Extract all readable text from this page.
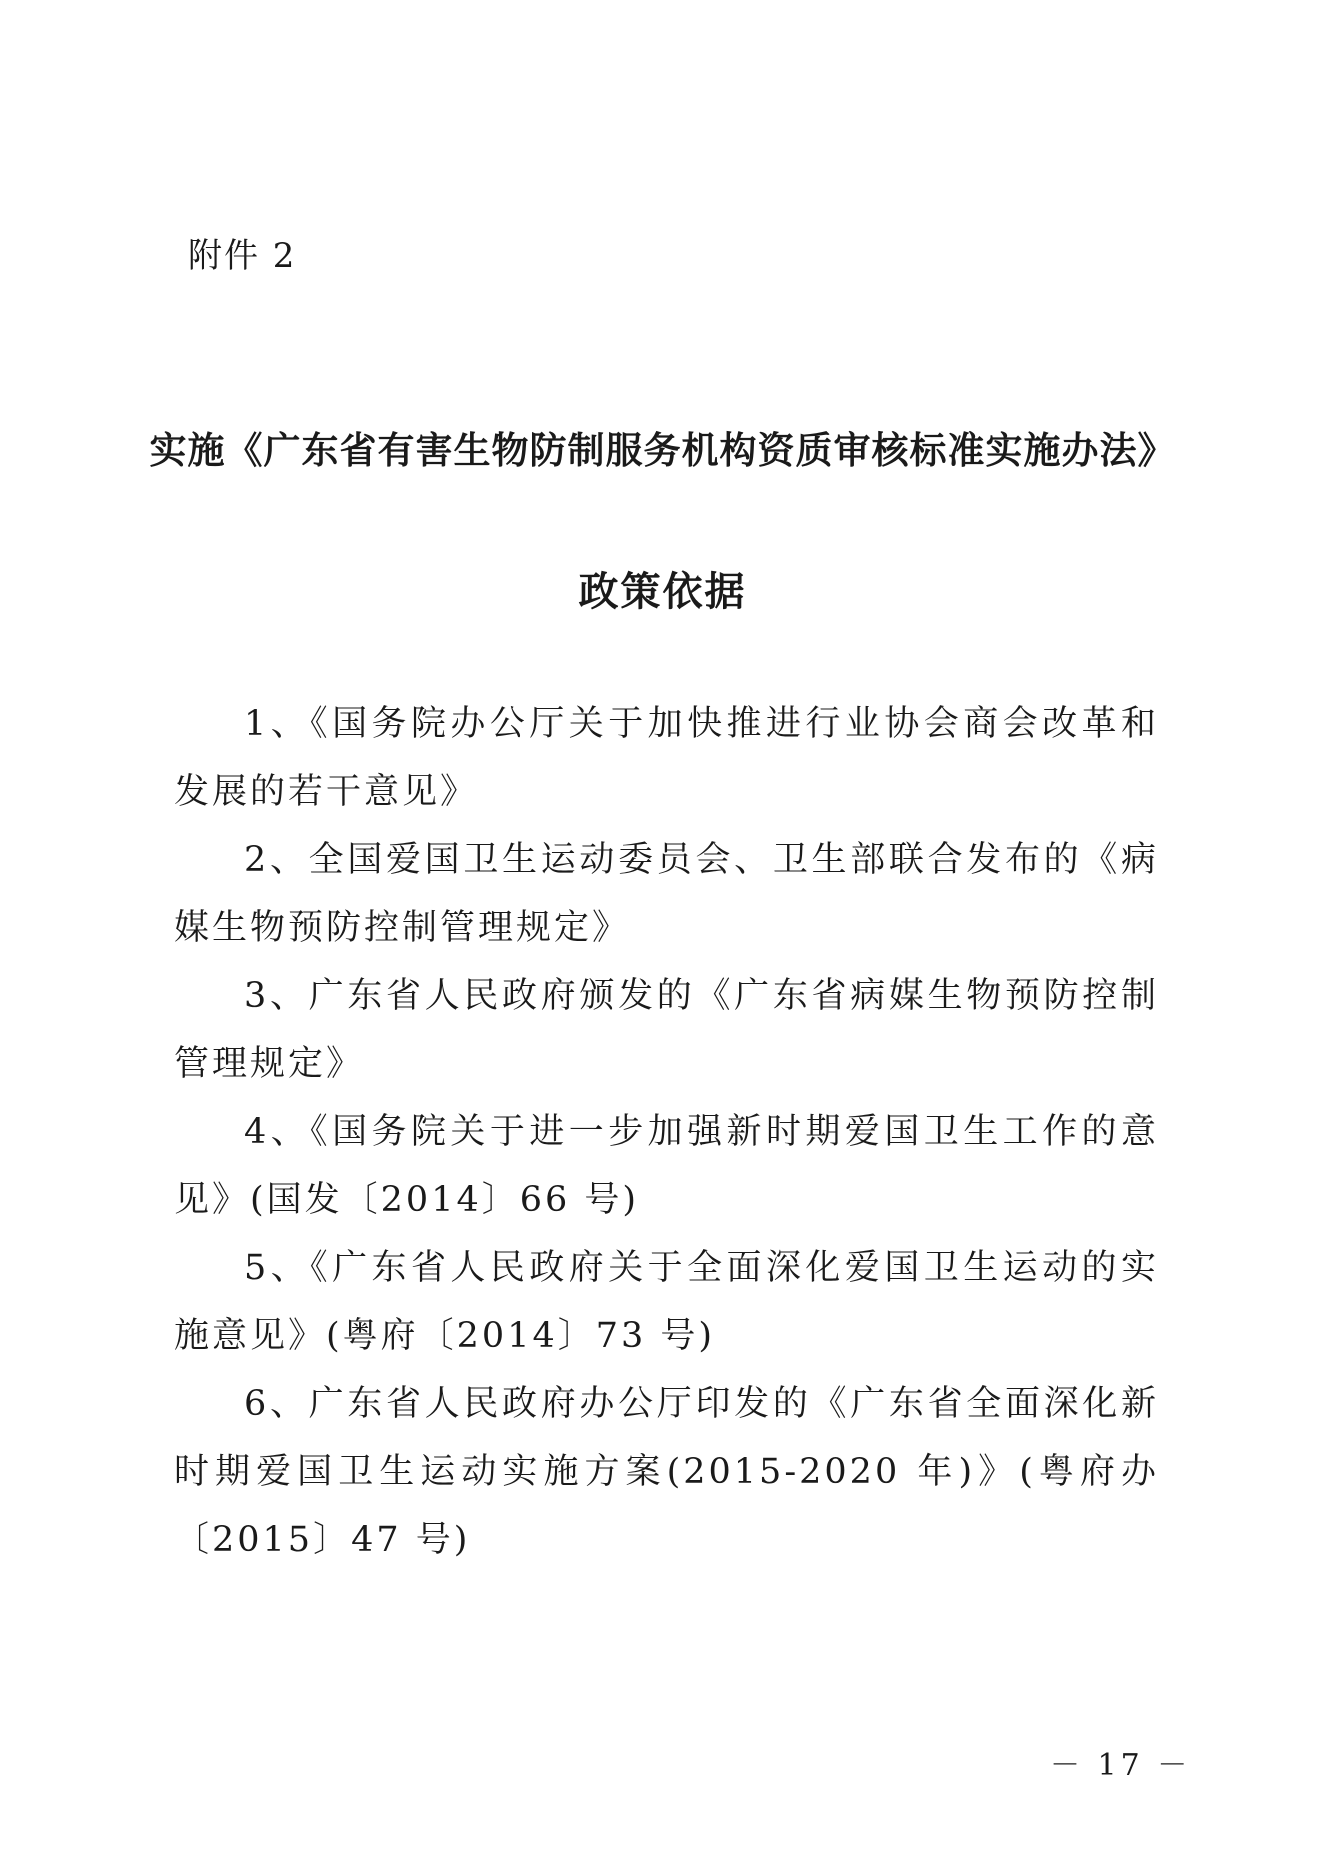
附件 2
实施《广东省有害生物防制服务机构资质审核标准实施办法》
政策依据
1、《国务院办公厅关于加快推进行业协会商会改革和发展的若干意见》
2、全国爱国卫生运动委员会、卫生部联合发布的《病媒生物预防控制管理规定》
3、广东省人民政府颁发的《广东省病媒生物预防控制管理规定》
4、《国务院关于进一步加强新时期爱国卫生工作的意见》(国发〔2014〕66 号)
5、《广东省人民政府关于全面深化爱国卫生运动的实施意见》(粤府〔2014〕73 号)
6、广东省人民政府办公厅印发的《广东省全面深化新时期爱国卫生运动实施方案(2015-2020 年)》(粤府办〔2015〕47 号)
－ 17 －
